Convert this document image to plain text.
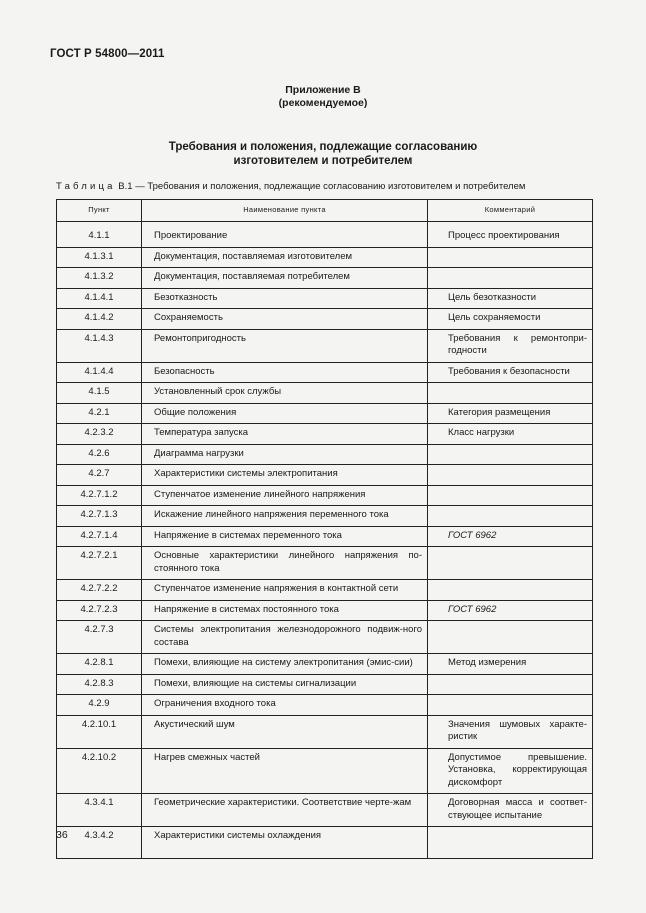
ГОСТ Р 54800—2011
Приложение В
(рекомендуемое)
Требования и положения, подлежащие согласованию
изготовителем и потребителем
Таблица В.1 — Требования и положения, подлежащие согласованию изготовителем и потребителем
Пункт	Наименование пункта	Комментарий
4.1.1	Проектирование	Процесс проектирования
4.1.3.1	Документация, поставляемая изготовителем	
4.1.3.2	Документация, поставляемая потребителем	
4.1.4.1	Безотказность	Цель безотказности
4.1.4.2	Сохраняемость	Цель сохраняемости
4.1.4.3	Ремонтопригодность	Требования к ремонтопри-годности
4.1.4.4	Безопасность	Требования к безопасности
4.1.5	Установленный срок службы	
4.2.1	Общие положения	Категория размещения
4.2.3.2	Температура запуска	Класс нагрузки
4.2.6	Диаграмма нагрузки	
4.2.7	Характеристики системы электропитания	
4.2.7.1.2	Ступенчатое изменение линейного напряжения	
4.2.7.1.3	Искажение линейного напряжения переменного тока	
4.2.7.1.4	Напряжение в системах переменного тока	ГОСТ 6962
4.2.7.2.1	Основные характеристики линейного напряжения по-стоянного тока	
4.2.7.2.2	Ступенчатое изменение напряжения в контактной сети	
4.2.7.2.3	Напряжение в системах постоянного тока	ГОСТ 6962
4.2.7.3	Системы электропитания железнодорожного подвиж-ного состава	
4.2.8.1	Помехи, влияющие на систему электропитания (эмис-сии)	Метод измерения
4.2.8.3	Помехи, влияющие на системы сигнализации	
4.2.9	Ограничения входного тока	
4.2.10.1	Акустический шум	Значения шумовых характе-ристик
4.2.10.2	Нагрев смежных частей	Допустимое превышение. Установка, корректирующая дискомфорт
4.3.4.1	Геометрические характеристики. Соответствие черте-жам	Договорная масса и соответ-ствующее испытание
4.3.4.2	Характеристики системы охлаждения	
36
